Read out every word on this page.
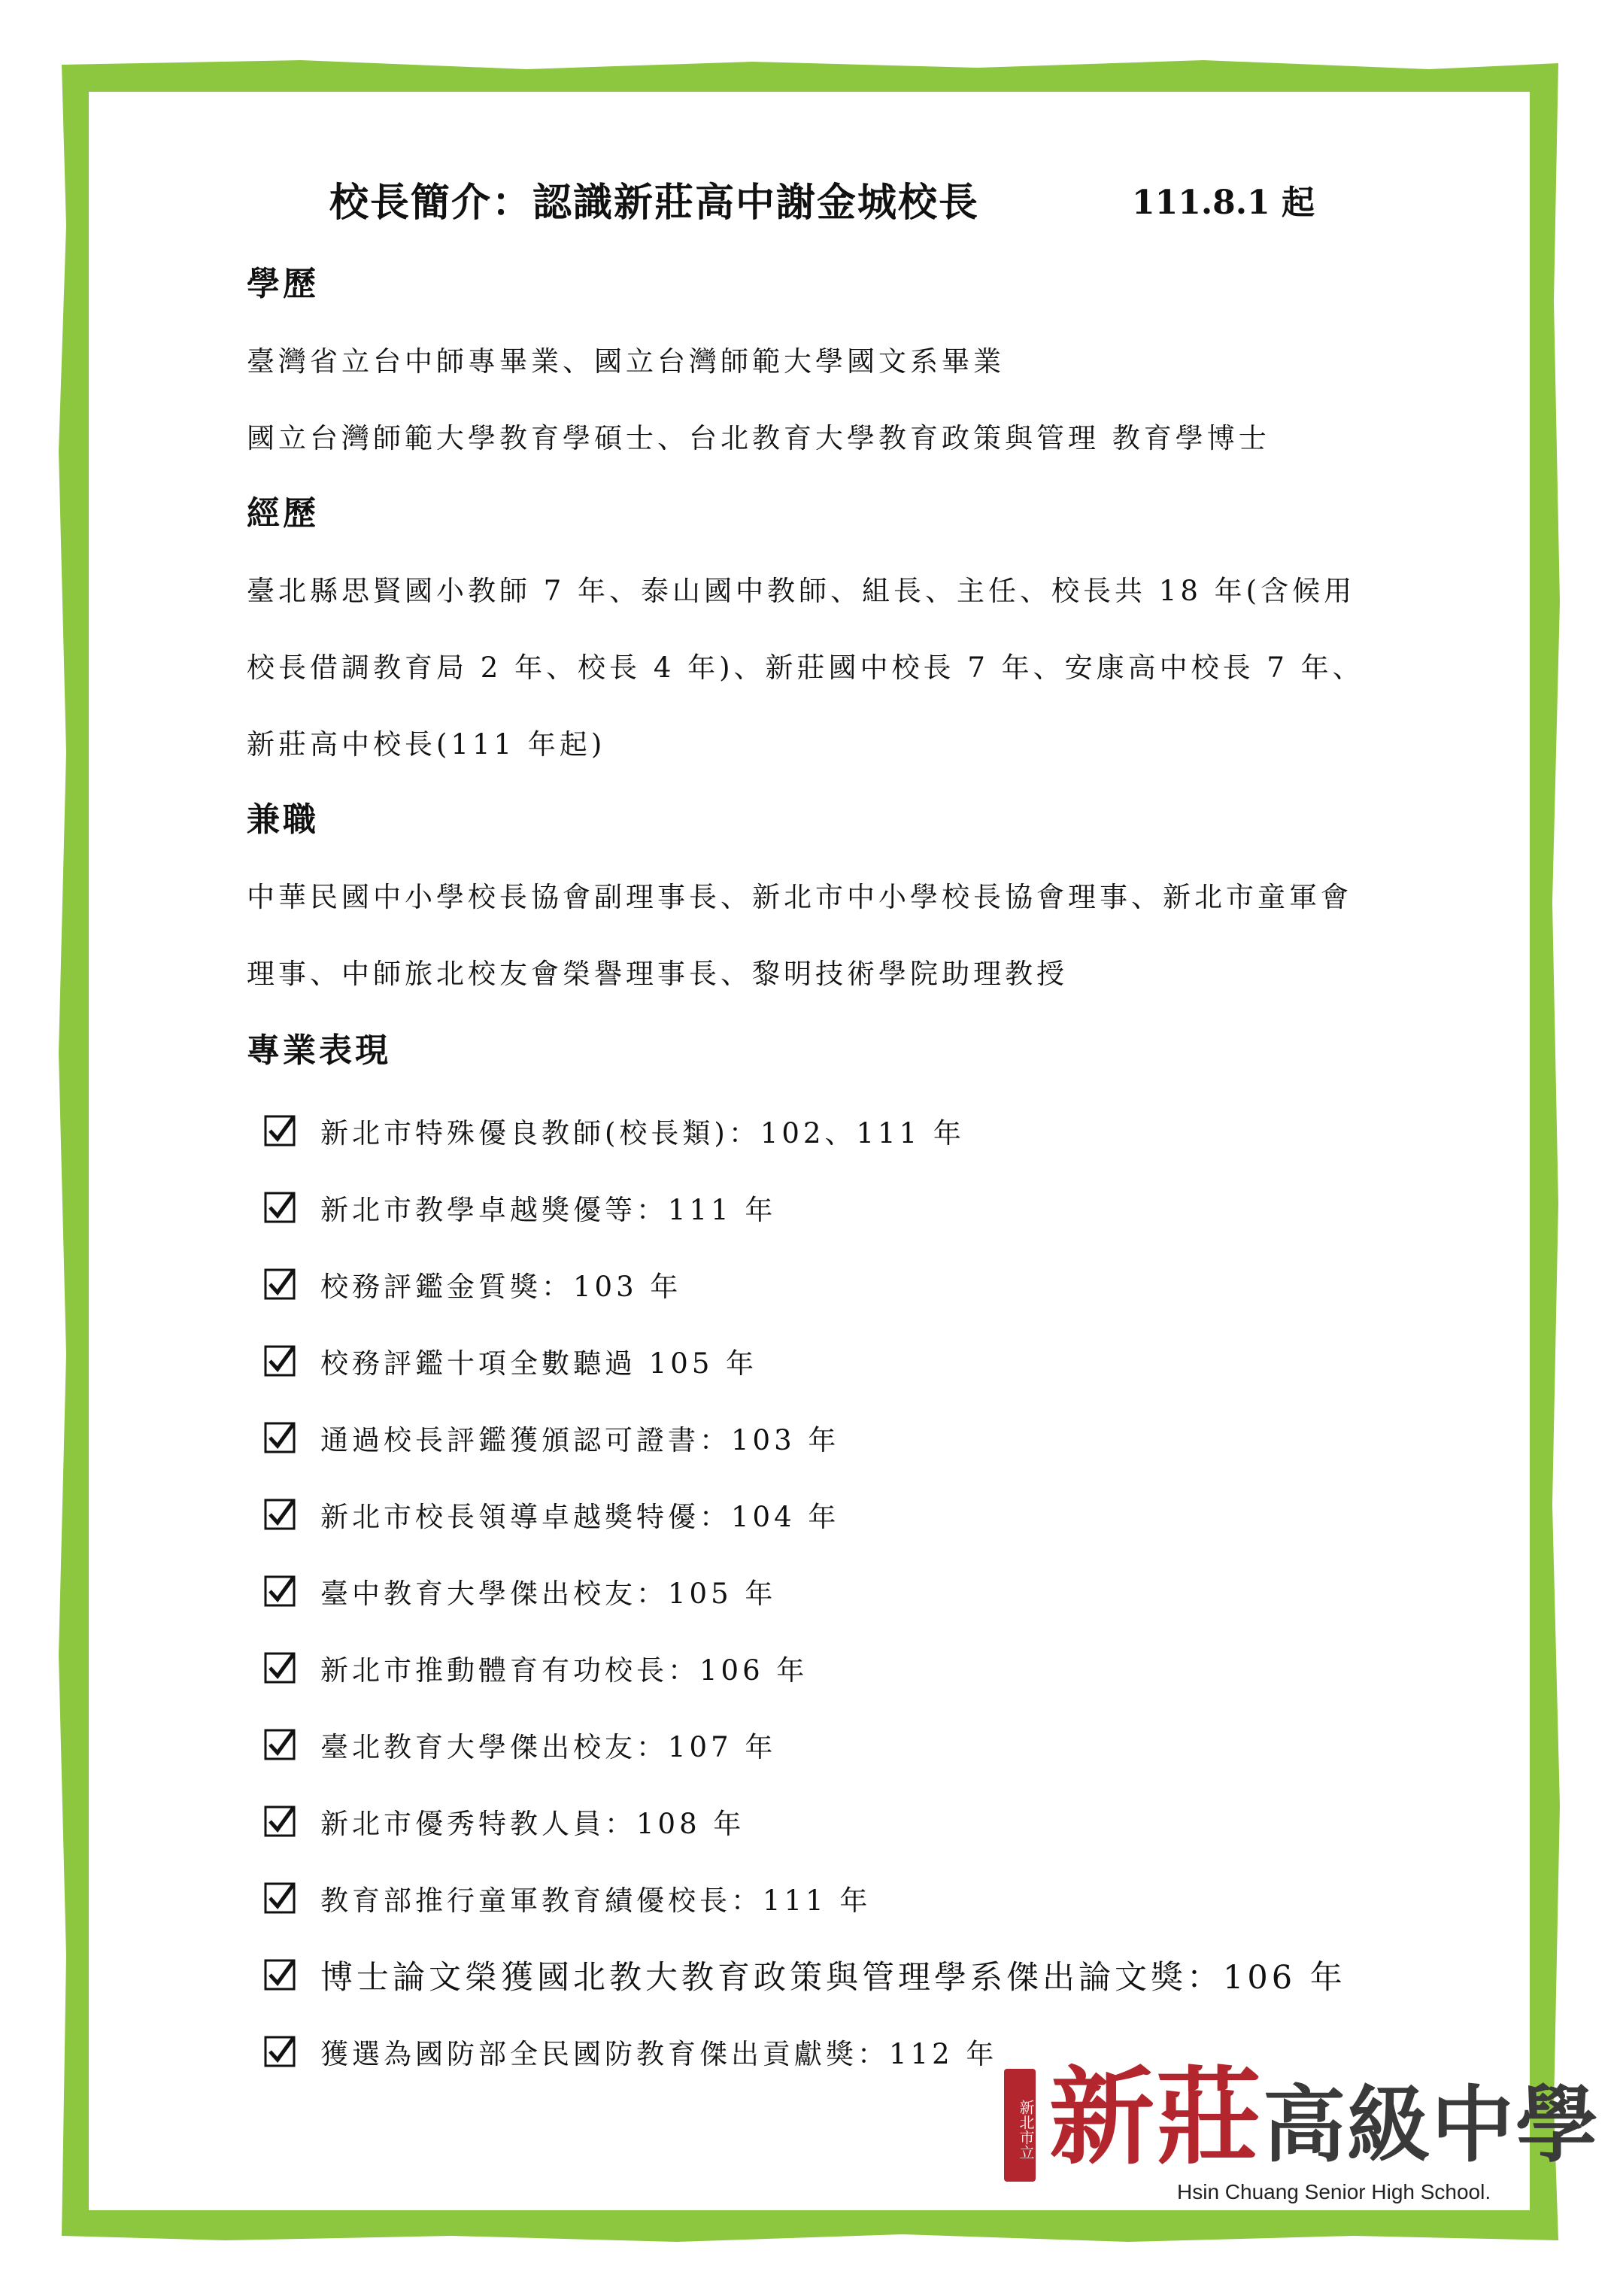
校長簡介：認識新莊高中謝金城校長	111.8.1 起
學歷
臺灣省立台中師專畢業、國立台灣師範大學國文系畢業
國立台灣師範大學教育學碩士、台北教育大學教育政策與管理 教育學博士
經歷
臺北縣思賢國小教師 7 年、泰山國中教師、組長、主任、校長共 18 年(含候用校長借調教育局 2 年、校長 4 年)、新莊國中校長 7 年、安康高中校長 7 年、新莊高中校長(111 年起)
兼職
中華民國中小學校長協會副理事長、新北市中小學校長協會理事、新北市童軍會理事、中師旅北校友會榮譽理事長、黎明技術學院助理教授
專業表現
新北市特殊優良教師(校長類)：102、111 年
新北市教學卓越獎優等：111 年
校務評鑑金質獎：103 年
校務評鑑十項全數聽過 105 年
通過校長評鑑獲頒認可證書：103 年
新北市校長領導卓越獎特優：104 年
臺中教育大學傑出校友：105 年
新北市推動體育有功校長：106 年
臺北教育大學傑出校友：107 年
新北市優秀特教人員：108 年
教育部推行童軍教育績優校長：111 年
博士論文榮獲國北教大教育政策與管理學系傑出論文獎：106 年
獲選為國防部全民國防教育傑出貢獻獎：112 年
新北市立 新莊高級中學
Hsin Chuang Senior High School.
